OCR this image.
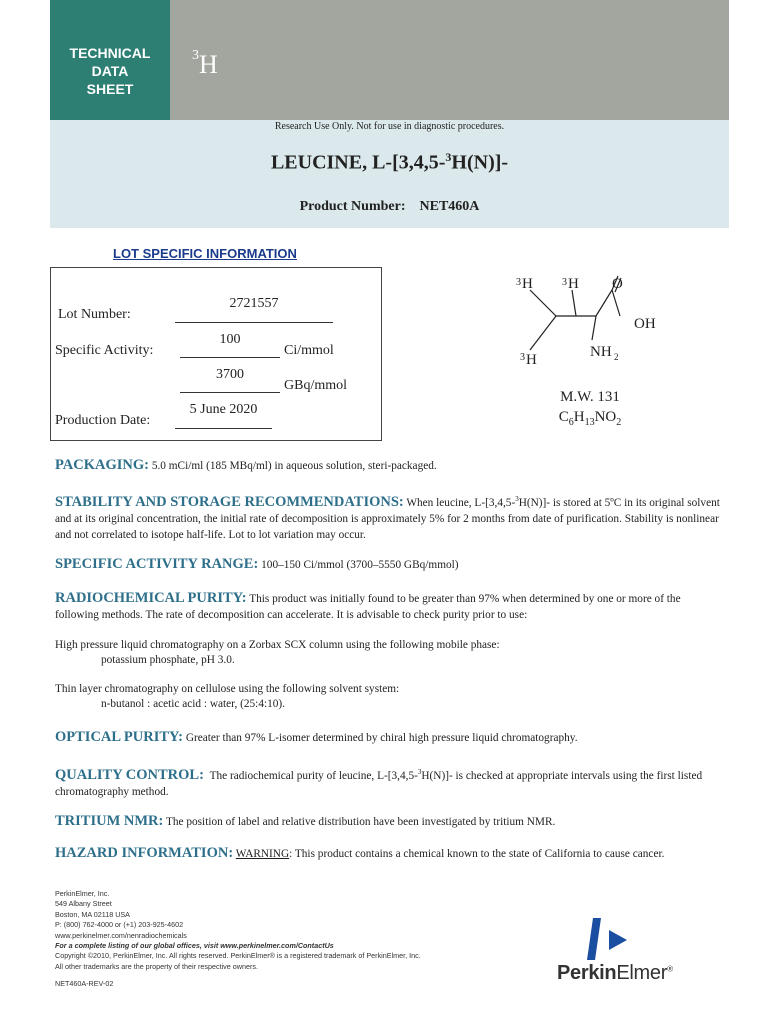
TECHNICAL
DATA
SHEET
$^3$H
Research Use Only. Not for use in diagnostic procedures.
LEUCINE, L-[3,4,5-$^3$H(N)]-
Product Number: NET460A
LOT SPECIFIC INFORMATION
Lot Number:
2721557
Specific Activity:
100
Ci/mmol
3700
GBq/mmol
5 June 2020
Production Date:
3 H	3 H O
OH
NH 2
3 H
M.W. 131
$C_6H_{13}NO_2$
PACKAGING: 5.0 mCi/ml (185 MBq/ml) in aqueous solution, steri-packaged.
STABILITY AND STORAGE RECOMMENDATIONS: When leucine, L-[3,4,5-$^3$H(N)]- is stored at 5ºC in its original solvent and at its original concentration, the initial rate of decomposition is approximately 5% for 2 months from date of purification. Stability is nonlinear and not correlated to isotope half-life. Lot to lot variation may occur.
SPECIFIC ACTIVITY RANGE: 100–150 Ci/mmol (3700–5550 GBq/mmol)
RADIOCHEMICAL PURITY: This product was initially found to be greater than 97% when determined by one or more of the following methods. The rate of decomposition can accelerate. It is advisable to check purity prior to use:
High pressure liquid chromatography on a Zorbax SCX column using the following mobile phase:
potassium phosphate, pH 3.0.
Thin layer chromatography on cellulose using the following solvent system:
n-butanol : acetic acid : water, (25:4:10).
OPTICAL PURITY: Greater than 97% L-isomer determined by chiral high pressure liquid chromatography.
QUALITY CONTROL: The radiochemical purity of leucine, L-[3,4,5-$^3$H(N)]- is checked at appropriate intervals using the first listed chromatography method.
TRITIUM NMR: The position of label and relative distribution have been investigated by tritium NMR.
HAZARD INFORMATION: WARNING: This product contains a chemical known to the state of California to cause cancer.
PerkinElmer, Inc.
549 Albany Street
Boston, MA 02118 USA
P: (800) 762-4000 or (+1) 203-925-4602
www.perkinelmer.com/nenradiochemicals
For a complete listing of our global offices, visit www.perkinelmer.com/ContactUs
Copyright ©2010, PerkinElmer, Inc. All rights reserved. PerkinElmer® is a registered trademark of PerkinElmer, Inc.
All other trademarks are the property of their respective owners.
NET460A-REV-02	PerkinElmer®
